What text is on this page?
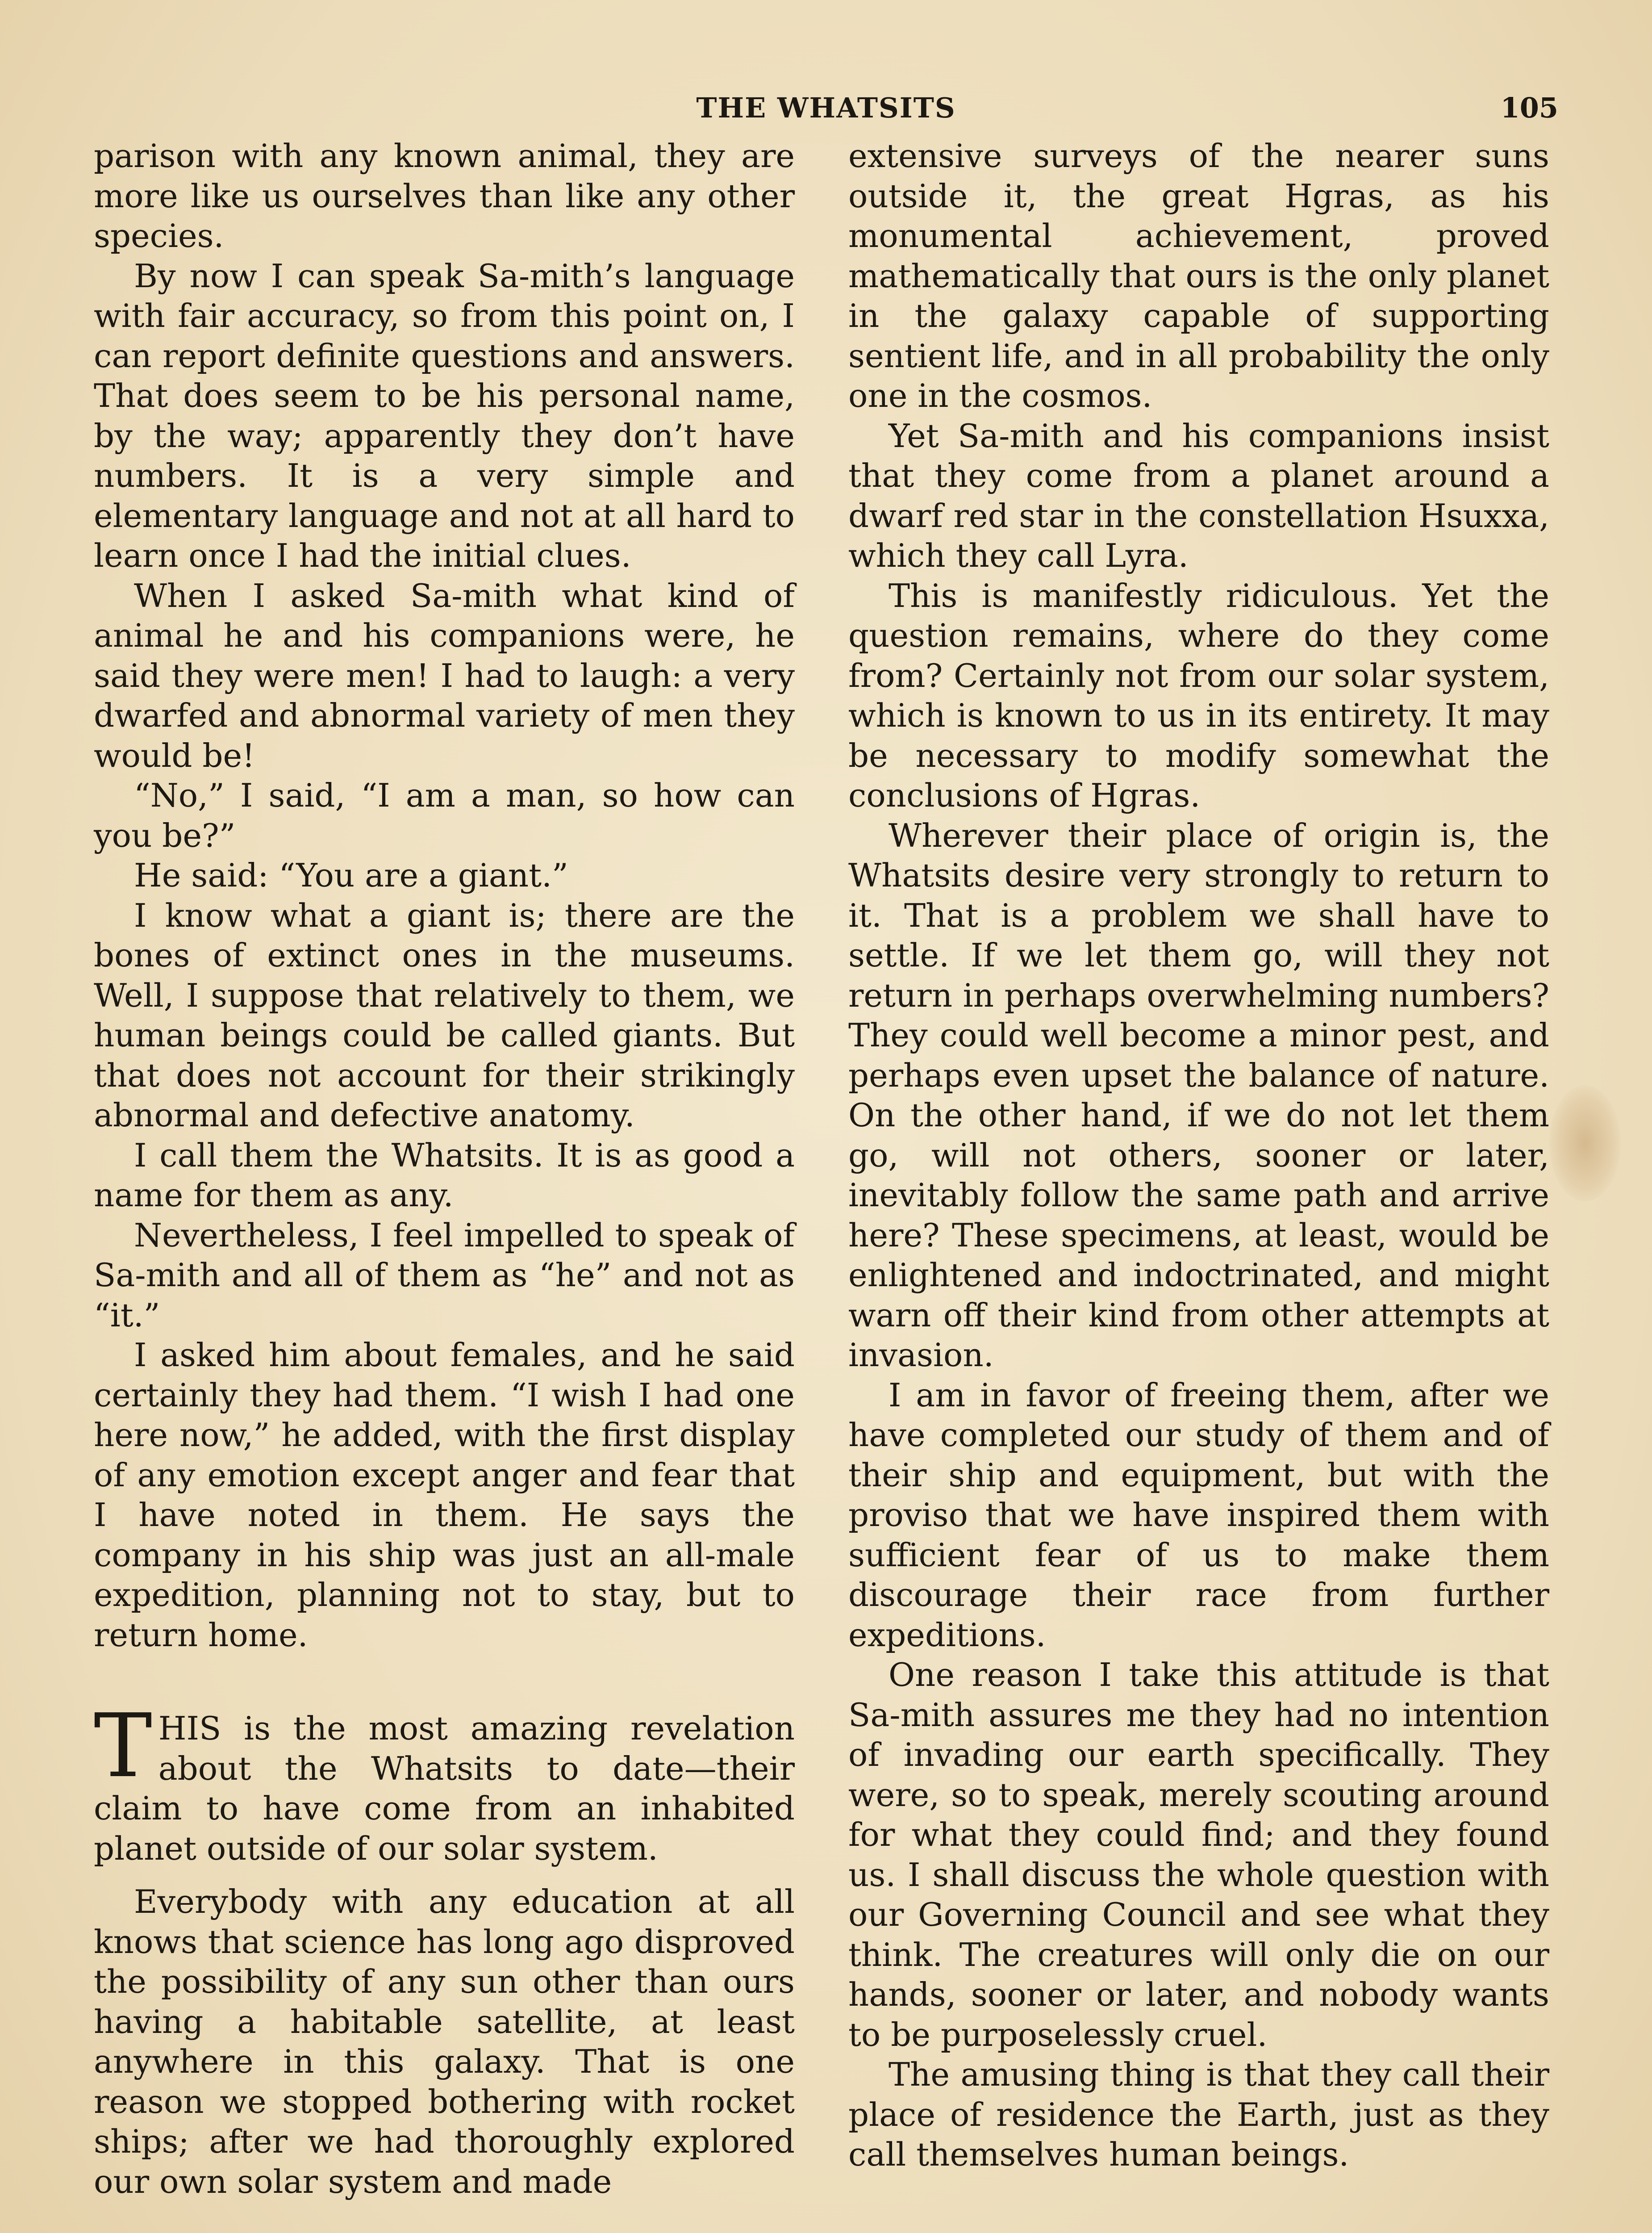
THE WHATSITS	105

parison with any known animal, they are more like us ourselves than like any other species.

By now I can speak Sa-mith’s language with fair accuracy, so from this point on, I can report definite questions and answers. That does seem to be his personal name, by the way; apparently they don’t have numbers. It is a very simple and elementary language and not at all hard to learn once I had the initial clues.

When I asked Sa-mith what kind of animal he and his companions were, he said they were men! I had to laugh: a very dwarfed and abnormal variety of men they would be!

“No,” I said, “I am a man, so how can you be?”

He said: “You are a giant.”

I know what a giant is; there are the bones of extinct ones in the museums. Well, I suppose that relatively to them, we human beings could be called giants. But that does not account for their strikingly abnormal and defective anatomy.

I call them the Whatsits. It is as good a name for them as any.

Nevertheless, I feel impelled to speak of Sa-mith and all of them as “he” and not as “it.”

I asked him about females, and he said certainly they had them. “I wish I had one here now,” he added, with the first display of any emotion except anger and fear that I have noted in them. He says the company in his ship was just an all-male expedition, planning not to stay, but to return home.

THIS is the most amazing revelation about the Whatsits to date—their claim to have come from an inhabited planet outside of our solar system.

Everybody with any education at all knows that science has long ago disproved the possibility of any sun other than ours having a habitable satellite, at least anywhere in this galaxy. That is one reason we stopped bothering with rocket ships; after we had thoroughly explored our own solar system and made

extensive surveys of the nearer suns outside it, the great Hgras, as his monumental achievement, proved mathematically that ours is the only planet in the galaxy capable of supporting sentient life, and in all probability the only one in the cosmos.

Yet Sa-mith and his companions insist that they come from a planet around a dwarf red star in the constellation Hsuxxa, which they call Lyra.

This is manifestly ridiculous. Yet the question remains, where do they come from? Certainly not from our solar system, which is known to us in its entirety. It may be necessary to modify somewhat the conclusions of Hgras.

Wherever their place of origin is, the Whatsits desire very strongly to return to it. That is a problem we shall have to settle. If we let them go, will they not return in perhaps overwhelming numbers? They could well become a minor pest, and perhaps even upset the balance of nature. On the other hand, if we do not let them go, will not others, sooner or later, inevitably follow the same path and arrive here? These specimens, at least, would be enlightened and indoctrinated, and might warn off their kind from other attempts at invasion.

I am in favor of freeing them, after we have completed our study of them and of their ship and equipment, but with the proviso that we have inspired them with sufficient fear of us to make them discourage their race from further expeditions.

One reason I take this attitude is that Sa-mith assures me they had no intention of invading our earth specifically. They were, so to speak, merely scouting around for what they could find; and they found us. I shall discuss the whole question with our Governing Council and see what they think. The creatures will only die on our hands, sooner or later, and nobody wants to be purposelessly cruel.

The amusing thing is that they call their place of residence the Earth, just as they call themselves human beings.
